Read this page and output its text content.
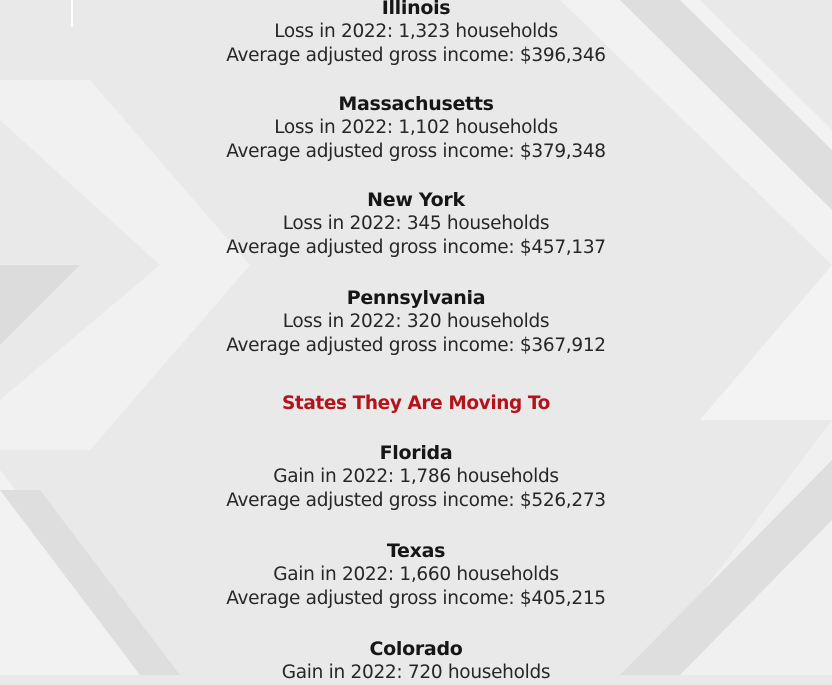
Illinois
Loss in 2022: 1,323 households
Average adjusted gross income: $396,346
Massachusetts
Loss in 2022: 1,102 households
Average adjusted gross income: $379,348
New York
Loss in 2022: 345 households
Average adjusted gross income: $457,137
Pennsylvania
Loss in 2022: 320 households
Average adjusted gross income: $367,912
States They Are Moving To
Florida
Gain in 2022: 1,786 households
Average adjusted gross income: $526,273
Texas
Gain in 2022: 1,660 households
Average adjusted gross income: $405,215
Colorado
Gain in 2022: 720 households
